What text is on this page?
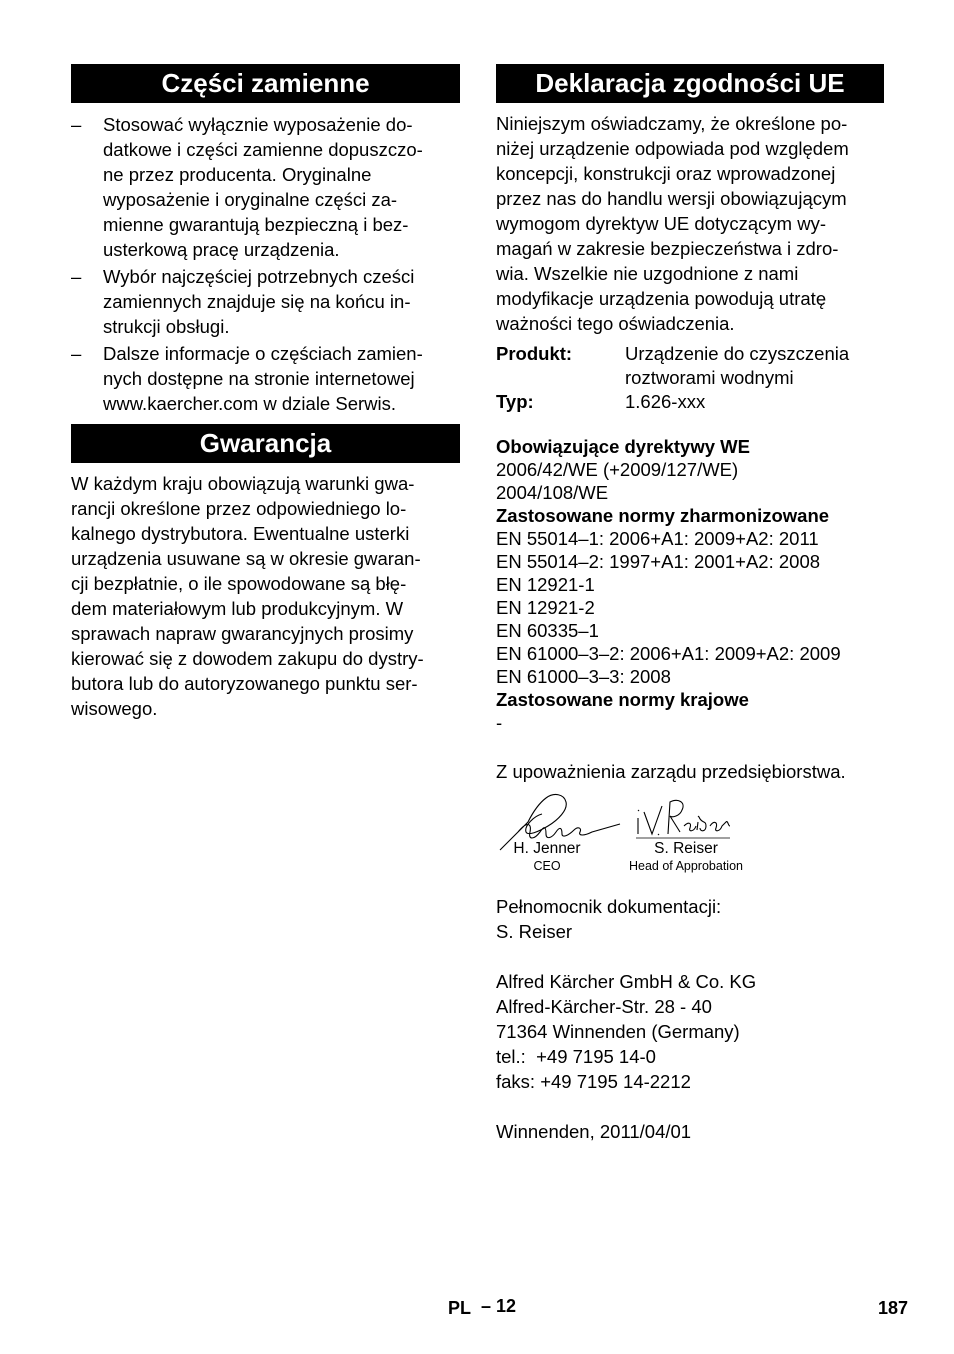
Części zamienne
– Stosować wyłącznie wyposażenie do-
datkowe i części zamienne dopuszczo-
ne przez producenta. Oryginalne
wyposażenie i oryginalne części za-
mienne gwarantują bezpieczną i bez-
usterkową pracę urządzenia.
– Wybór najczęściej potrzebnych cześci
zamiennych znajduje się na końcu in-
strukcji obsługi.
– Dalsze informacje o częściach zamien-
nych dostępne na stronie internetowej
www.kaercher.com w dziale Serwis.
Gwarancja

W każdym kraju obowiązują warunki gwa-
rancji określone przez odpowiedniego lo-
kalnego dystrybutora. Ewentualne usterki
urządzenia usuwane są w okresie gwaran-
cji bezpłatnie, o ile spowodowane są błę-
dem materiałowym lub produkcyjnym. W
sprawach napraw gwarancyjnych prosimy
kierować się z dowodem zakupu do dystry-
butora lub do autoryzowanego punktu ser-
wisowego.

Deklaracja zgodności UE

Niniejszym oświadczamy, że określone po-
niżej urządzenie odpowiada pod względem
koncepcji, konstrukcji oraz wprowadzonej
przez nas do handlu wersji obowiązującym
wymogom dyrektyw UE dotyczącym wy-
magań w zakresie bezpieczeństwa i zdro-
wia. Wszelkie nie uzgodnione z nami
modyfikacje urządzenia powodują utratę
ważności tego oświadczenia.

Produkt:	Urządzenie do czyszczenia
roztworami wodnymi
Typ:	1.626-xxx
Obowiązujące dyrektywy WE
2006/42/WE (+2009/127/WE)
2004/108/WE
Zastosowane normy zharmonizowane
EN 55014–1: 2006+A1: 2009+A2: 2011
EN 55014–2: 1997+A1: 2001+A2: 2008
EN 12921-1
EN 12921-2
EN 60335–1
EN 61000–3–2: 2006+A1: 2009+A2: 2009
EN 61000–3–3: 2008
Zastosowane normy krajowe
-
Z upoważnienia zarządu przedsiębiorstwa.
H. Jenner
CEO
S. Reiser
Head of Approbation
Pełnomocnik dokumentacji:
S. Reiser
Alfred Kärcher GmbH & Co. KG
Alfred-Kärcher-Str. 28 - 40
71364 Winnenden (Germany)
tel.:  +49 7195 14-0
faks: +49 7195 14-2212
Winnenden, 2011/04/01
PL – 12	187
